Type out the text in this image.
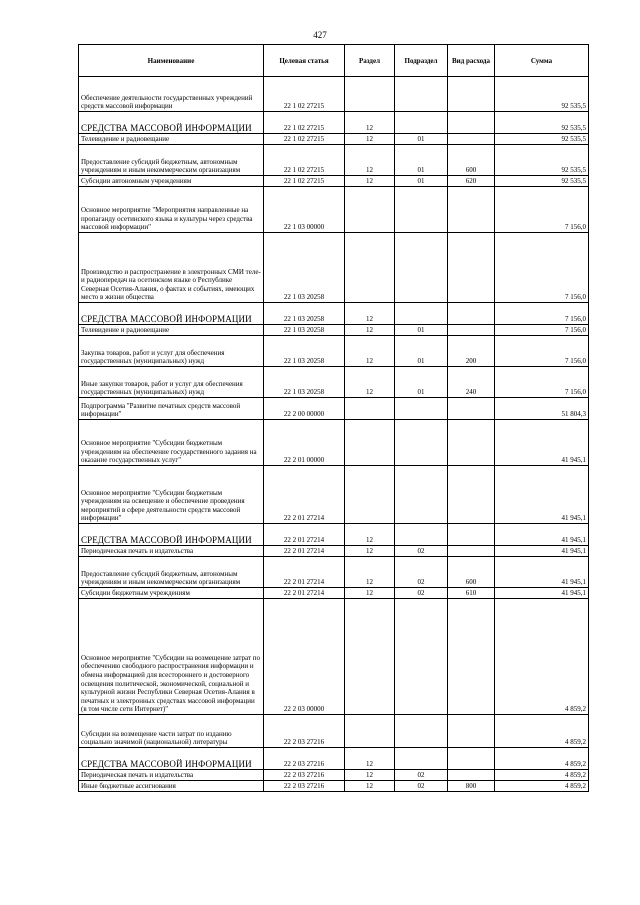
427
Наименование	Целевая статья	Раздел	Подраздел	Вид расхода	Сумма
Обеспечение деятельности государственных учреждений средств массовой информации	22 1 02 27215				92 535,5
СРЕДСТВА МАССОВОЙ ИНФОРМАЦИИ	22 1 02 27215	12			92 535,5
Телевидение и радиовещание	22 1 02 27215	12	01		92 535,5
Предоставление субсидий бюджетным, автономным учреждениям и иным некоммерческим организациям	22 1 02 27215	12	01	600	92 535,5
Субсидии автономным учреждениям	22 1 02 27215	12	01	620	92 535,5
Основное мероприятие "Мероприятия направленные на пропаганду осетинского языка и культуры через средства массовой информации"	22 1 03 00000				7 156,0
Производство и распространение в электронных СМИ теле- и радиопередач на осетинском языке о Республике Северная Осетия-Алания, о фактах и событиях, имеющих место в жизни общества	22 1 03 20258				7 156,0
СРЕДСТВА МАССОВОЙ ИНФОРМАЦИИ	22 1 03 20258	12			7 156,0
Телевидение и радиовещание	22 1 03 20258	12	01		7 156,0
Закупка товаров, работ и услуг для обеспечения государственных (муниципальных) нужд	22 1 03 20258	12	01	200	7 156,0
Иные закупки товаров, работ и услуг для обеспечения государственных (муниципальных) нужд	22 1 03 20258	12	01	240	7 156,0
Подпрограмма "Развитие печатных средств массовой информации"	22 2 00 00000				51 804,3
Основное мероприятие "Субсидии бюджетным учреждениям на обеспечение государственного задания на оказание государственных услуг"	22 2 01 00000				41 945,1
Основное мероприятие "Субсидии бюджетным учреждениям на освещение и обеспечение проведения мероприятий в сфере деятельности средств массовой информации"	22 2 01 27214				41 945,1
СРЕДСТВА МАССОВОЙ ИНФОРМАЦИИ	22 2 01 27214	12			41 945,1
Периодическая печать и издательства	22 2 01 27214	12	02		41 945,1
Предоставление субсидий бюджетным, автономным учреждениям и иным некоммерческим организациям	22 2 01 27214	12	02	600	41 945,1
Субсидии бюджетным учреждениям	22 2 01 27214	12	02	610	41 945,1
Основное мероприятие "Субсидии на возмещение затрат по обеспечению свободного распространения информации и обмена информацией для всестороннего и достоверного освещения политической, экономической, социальной и культурной жизни Республики Северная Осетия-Алания в печатных и электронных средствах массовой информации (в том числе сети Интернет)"	22 2 03 00000				4 859,2
Субсидии на возмещение части затрат по изданию социально значимой (национальной) литературы	22 2 03 27216				4 859,2
СРЕДСТВА МАССОВОЙ ИНФОРМАЦИИ	22 2 03 27216	12			4 859,2
Периодическая печать и издательства	22 2 03 27216	12	02		4 859,2
Иные бюджетные ассигнования	22 2 03 27216	12	02	800	4 859,2
